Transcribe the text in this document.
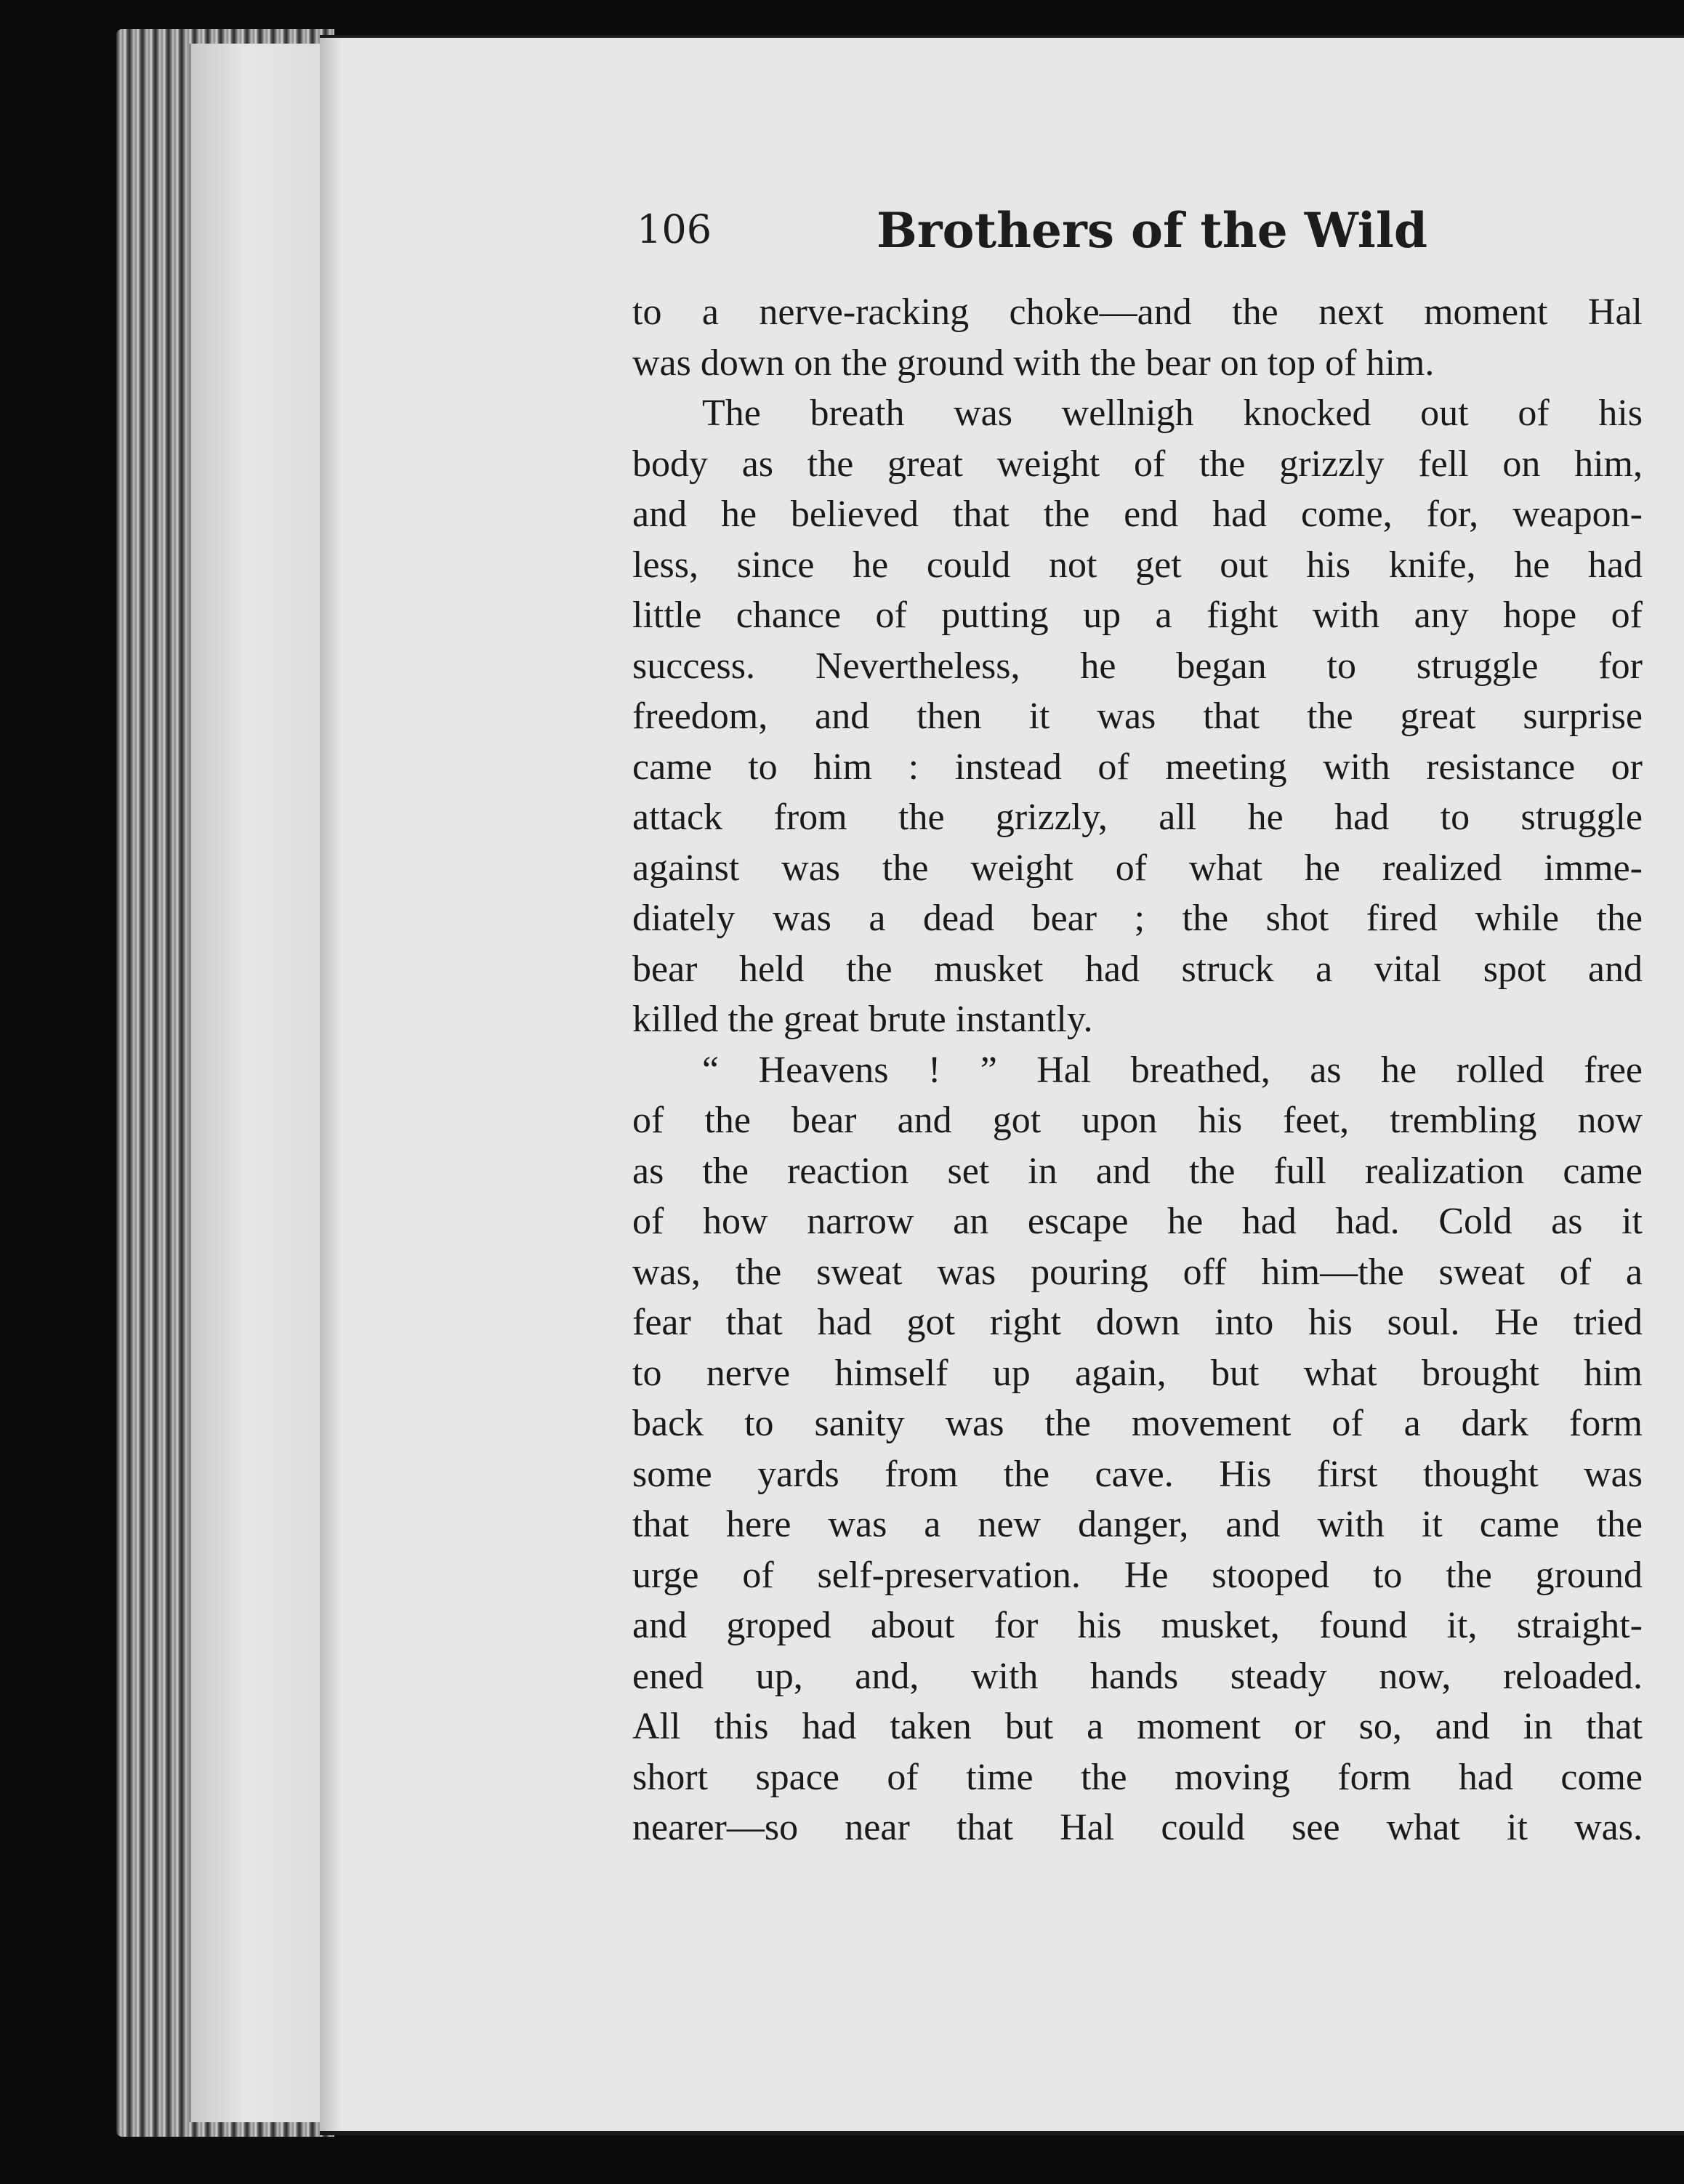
106	Brothers of the Wild
to a nerve-racking choke—and the next moment Hal
was down on the ground with the bear on top of him.
The breath was wellnigh knocked out of his
body as the great weight of the grizzly fell on him,
and he believed that the end had come, for, weapon-
less, since he could not get out his knife, he had
little chance of putting up a fight with any hope of
success. Nevertheless, he began to struggle for
freedom, and then it was that the great surprise
came to him : instead of meeting with resistance or
attack from the grizzly, all he had to struggle
against was the weight of what he realized imme-
diately was a dead bear ; the shot fired while the
bear held the musket had struck a vital spot and
killed the great brute instantly.
“ Heavens ! ” Hal breathed, as he rolled free
of the bear and got upon his feet, trembling now
as the reaction set in and the full realization came
of how narrow an escape he had had. Cold as it
was, the sweat was pouring off him—the sweat of a
fear that had got right down into his soul. He tried
to nerve himself up again, but what brought him
back to sanity was the movement of a dark form
some yards from the cave. His first thought was
that here was a new danger, and with it came the
urge of self-preservation. He stooped to the ground
and groped about for his musket, found it, straight-
ened up, and, with hands steady now, reloaded.
All this had taken but a moment or so, and in that
short space of time the moving form had come
nearer—so near that Hal could see what it was.
